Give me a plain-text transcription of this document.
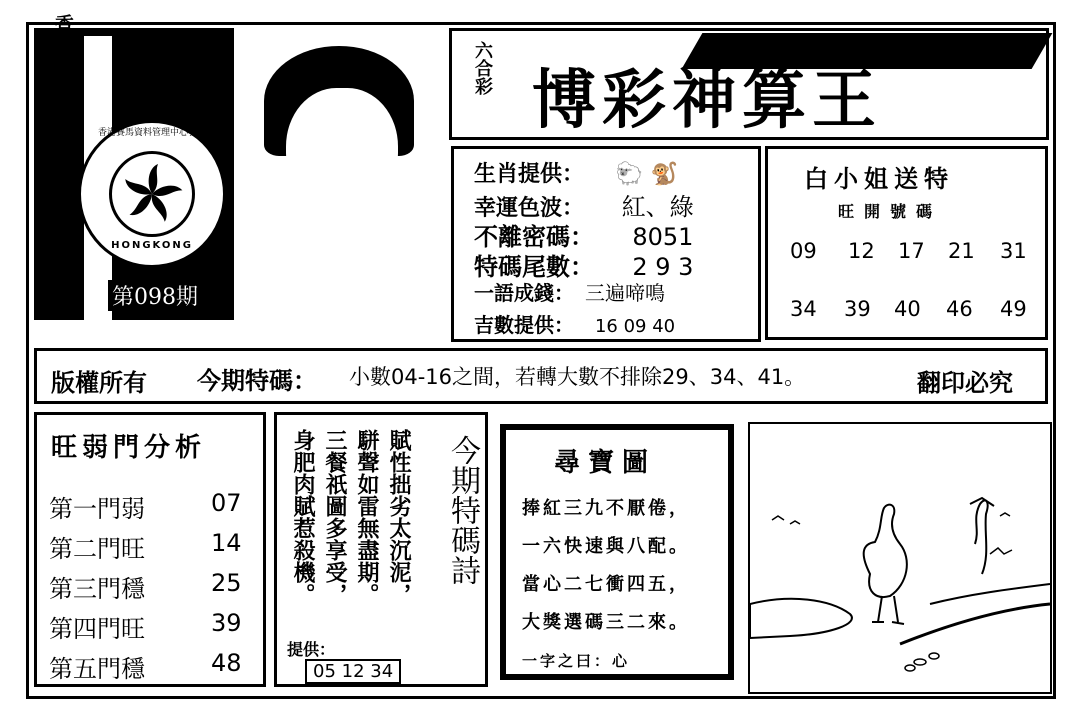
香港六合彩券信息中心榮譽出品	香港賽馬資料管理中心發行
HONGKONG
第098期
六合彩 博彩神算王
生肖提供： 🐑 🐒
幸運色波： 紅、綠
不離密碼： 8051
特碼尾數： 2 9 3
一語成錢： 三遍啼鳴
吉數提供： 16 09 40
白小姐送特
旺開號碼
09 12 17 21 31
34 39 40 46 49
版權所有 今期特碼： 小數04-16之間，若轉大數不排除29、34、41。	翻印必究
旺弱門分析
第一門弱	07
第二門旺	14
第三門穩	25
第四門旺	39
第五門穩	48
賦性拙劣太沉泥，
駢聲如雷無盡期。
三餐祇圖多享受，
身肥肉賦惹殺機。
提供：
05 12 34
今期特碼詩	尋寶圖
捧紅三九不厭倦，
一六快速與八配。
當心二七衝四五，
大獎選碼三二來。
一字之曰：心
